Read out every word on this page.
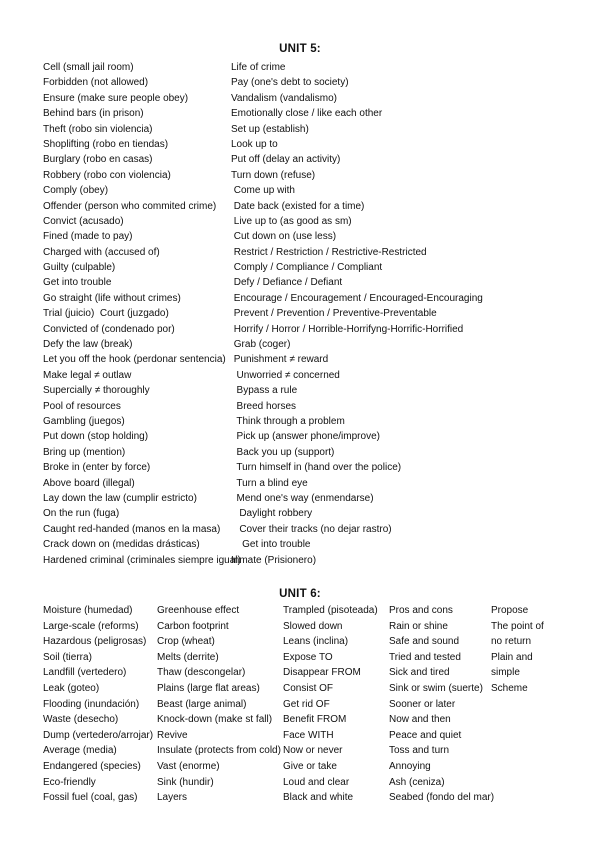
UNIT 5:
Cell (small jail room)
Forbidden (not allowed)
Ensure (make sure people obey)
Behind bars (in prison)
Theft (robo sin violencia)
Shoplifting (robo en tiendas)
Burglary (robo en casas)
Robbery (robo con violencia)
Comply (obey)
Offender (person who commited crime)
Convict (acusado)
Fined (made to pay)
Charged with (accused of)
Guilty (culpable)
Get into trouble
Go straight (life without crimes)
Trial (juicio)  Court (juzgado)
Convicted of (condenado por)
Defy the law (break)
Let you off the hook (perdonar sentencia)
Make legal ≠ outlaw
Supercially ≠ thoroughly
Pool of resources
Gambling (juegos)
Put down (stop holding)
Bring up (mention)
Broke in (enter by force)
Above board (illegal)
Lay down the law (cumplir estricto)
On the run (fuga)
Caught red-handed (manos en la masa)
Crack down on (medidas drásticas)
Hardened criminal (criminales siempre igual)
Life of crime
Pay (one's debt to society)
Vandalism (vandalismo)
Emotionally close / like each other
Set up (establish)
Look up to
Put off (delay an activity)
Turn down (refuse)
Come up with
Date back (existed for a time)
Live up to (as good as sm)
Cut down on (use less)
Restrict / Restriction / Restrictive-Restricted
Comply / Compliance / Compliant
Defy / Defiance / Defiant
Encourage / Encouragement / Encouraged-Encouraging
Prevent / Prevention / Preventive-Preventable
Horrify / Horror / Horrible-Horrifyng-Horrific-Horrified
Grab (coger)
Punishment ≠ reward
Unworried ≠ concerned
Bypass a rule
Breed horses
Think through a problem
Pick up (answer phone/improve)
Back you up (support)
Turn himself in (hand over the police)
Turn a blind eye
Mend one's way (enmendarse)
Daylight robbery
Cover their tracks (no dejar rastro)
Get into trouble
Inmate (Prisionero)
UNIT 6:
Moisture (humedad)
Large-scale (reforms)
Hazardous (peligrosas)
Soil (tierra)
Landfill (vertedero)
Leak (goteo)
Flooding (inundación)
Waste (desecho)
Dump (vertedero/arrojar)
Average (media)
Endangered (species)
Eco-friendly
Fossil fuel (coal, gas)
Greenhouse effect
Carbon footprint
Crop (wheat)
Melts (derrite)
Thaw (descongelar)
Plains (large flat areas)
Beast (large animal)
Knock-down (make st fall)
Revive
Insulate (protects from cold)
Vast (enorme)
Sink (hundir)
Layers
Trampled (pisoteada)
Slowed down
Leans (inclina)
Expose TO
Disappear FROM
Consist OF
Get rid OF
Benefit FROM
Face WITH
Now or never
Give or take
Loud and clear
Black and white
Pros and cons
Rain or shine
Safe and sound
Tried and tested
Sick and tired
Sink or swim (suerte)
Sooner or later
Now and then
Peace and quiet
Toss and turn
Annoying
Ash (ceniza)
Seabed (fondo del mar)
Propose
The point of
no return
Plain and
simple
Scheme
